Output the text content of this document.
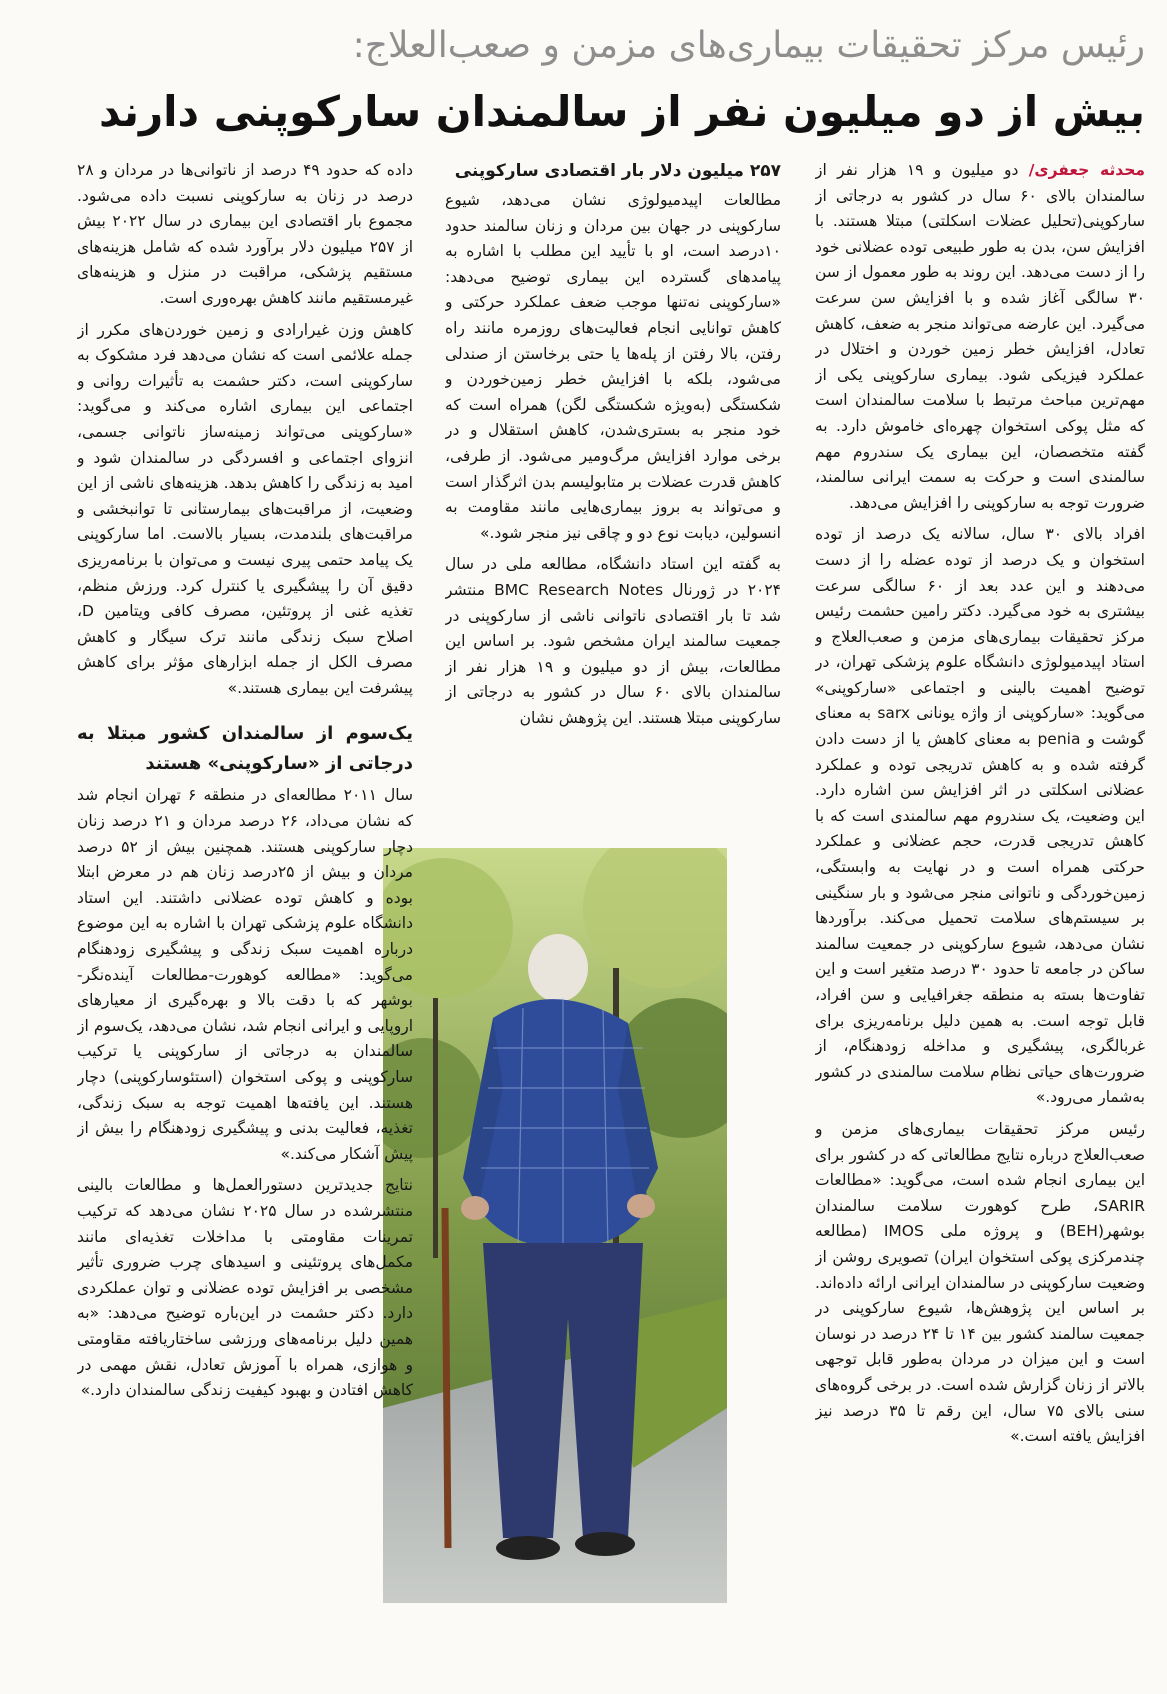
رئیس مرکز تحقیقات بیماری‌های مزمن و صعب‌العلاج:
بیش از دو میلیون نفر از سالمندان سارکوپنی دارند

محدثه جعفری/ دو میلیون و ۱۹ هزار نفر از سالمندان بالای ۶۰ سال در کشور به درجاتی از سارکوپنی(تحلیل عضلات اسکلتی) مبتلا هستند. با افزایش سن، بدن به طور طبیعی توده عضلانی خود را از دست می‌دهد. این روند به طور معمول از سن ۳۰ سالگی آغاز شده و با افزایش سن سرعت می‌گیرد. این عارضه می‌تواند منجر به ضعف، کاهش تعادل، افزایش خطر زمین خوردن و اختلال در عملکرد فیزیکی شود. بیماری سارکوپنی یکی از مهم‌ترین مباحث مرتبط با سلامت سالمندان است که مثل پوکی استخوان چهره‌ای خاموش دارد. به گفته متخصصان، این بیماری یک سندروم مهم سالمندی است و حرکت به سمت ایرانی سالمند، ضرورت توجه به سارکوپنی را افزایش می‌دهد.

افراد بالای ۳۰ سال، سالانه یک درصد از توده استخوان و یک درصد از توده عضله را از دست می‌دهند و این عدد بعد از ۶۰ سالگی سرعت بیشتری به خود می‌گیرد. دکتر رامین حشمت رئیس مرکز تحقیقات بیماری‌های مزمن و صعب‌العلاج و استاد اپیدمیولوژی دانشگاه علوم پزشکی تهران، در توضیح اهمیت بالینی و اجتماعی «سارکوپنی» می‌گوید: «سارکوپنی از واژه یونانی sarx به معنای گوشت و penia به معنای کاهش یا از دست دادن گرفته شده و به کاهش تدریجی توده و عملکرد عضلانی اسکلتی در اثر افزایش سن اشاره دارد. این وضعیت، یک سندروم مهم سالمندی است که با کاهش تدریجی قدرت، حجم عضلانی و عملکرد حرکتی همراه است و در نهایت به وابستگی، زمین‌خوردگی و ناتوانی منجر می‌شود و بار سنگینی بر سیستم‌های سلامت تحمیل می‌کند. برآوردها نشان می‌دهد، شیوع سارکوپنی در جمعیت سالمند ساکن در جامعه تا حدود ۳۰ درصد متغیر است و این تفاوت‌ها بسته به منطقه جغرافیایی و سن افراد، قابل توجه است. به همین دلیل برنامه‌ریزی برای غربالگری، پیشگیری و مداخله زودهنگام، از ضرورت‌های حیاتی نظام سلامت سالمندی در کشور به‌شمار می‌رود.»

رئیس مرکز تحقیقات بیماری‌های مزمن و صعب‌العلاج درباره نتایج مطالعاتی که در کشور برای این بیماری انجام شده است، می‌گوید: «مطالعات SARIR، طرح کوهورت سلامت سالمندان بوشهر(BEH) و پروژه ملی IMOS (مطالعه چندمرکزی پوکی استخوان ایران) تصویری روشن از وضعیت سارکوپنی در سالمندان ایرانی ارائه داده‌اند. بر اساس این پژوهش‌ها، شیوع سارکوپنی در جمعیت سالمند کشور بین ۱۴ تا ۲۴ درصد در نوسان است و این میزان در مردان به‌طور قابل توجهی بالاتر از زنان گزارش شده است. در برخی گروه‌های سنی بالای ۷۵ سال، این رقم تا ۳۵ درصد نیز افزایش یافته است.»

۲۵۷ میلیون دلار بار اقتصادی سارکوپنی

مطالعات اپیدمیولوژی نشان می‌دهد، شیوع سارکوپنی در جهان بین مردان و زنان سالمند حدود ۱۰درصد است، او با تأیید این مطلب با اشاره به پیامدهای گسترده این بیماری توضیح می‌دهد: «سارکوپنی نه‌تنها موجب ضعف عملکرد حرکتی و کاهش توانایی انجام فعالیت‌های روزمره مانند راه رفتن، بالا رفتن از پله‌ها یا حتی برخاستن از صندلی می‌شود، بلکه با افزایش خطر زمین‌خوردن و شکستگی (به‌ویژه شکستگی لگن) همراه است که خود منجر به بستری‌شدن، کاهش استقلال و در برخی موارد افزایش مرگ‌ومیر می‌شود. از طرفی، کاهش قدرت عضلات بر متابولیسم بدن اثرگذار است و می‌تواند به بروز بیماری‌هایی مانند مقاومت به انسولین، دیابت نوع دو و چاقی نیز منجر شود.»

به گفته این استاد دانشگاه، مطالعه ملی در سال ۲۰۲۴ در ژورنال BMC Research Notes منتشر شد تا بار اقتصادی ناتوانی ناشی از سارکوپنی در جمعیت سالمند ایران مشخص شود. بر اساس این مطالعات، بیش از دو میلیون و ۱۹ هزار نفر از سالمندان بالای ۶۰ سال در کشور به درجاتی از سارکوپنی مبتلا هستند. این پژوهش نشان

داده که حدود ۴۹ درصد از ناتوانی‌ها در مردان و ۲۸ درصد در زنان به سارکوپنی نسبت داده می‌شود. مجموع بار اقتصادی این بیماری در سال ۲۰۲۲ بیش از ۲۵۷ میلیون دلار برآورد شده که شامل هزینه‌های مستقیم پزشکی، مراقبت در منزل و هزینه‌های غیرمستقیم مانند کاهش بهره‌وری است.

کاهش وزن غیرارادی و زمین خوردن‌های مکرر از جمله علائمی است که نشان می‌دهد فرد مشکوک به سارکوپنی است، دکتر حشمت به تأثیرات روانی و اجتماعی این بیماری اشاره می‌کند و می‌گوید: «سارکوپنی می‌تواند زمینه‌ساز ناتوانی جسمی، انزوای اجتماعی و افسردگی در سالمندان شود و امید به زندگی را کاهش بدهد. هزینه‌های ناشی از این وضعیت، از مراقبت‌های بیمارستانی تا توانبخشی و مراقبت‌های بلندمدت، بسیار بالاست. اما سارکوپنی یک پیامد حتمی پیری نیست و می‌توان با برنامه‌ریزی دقیق آن را پیشگیری یا کنترل کرد. ورزش منظم، تغذیه غنی از پروتئین، مصرف کافی ویتامین D، اصلاح سبک زندگی مانند ترک سیگار و کاهش مصرف الکل از جمله ابزارهای مؤثر برای کاهش پیشرفت این بیماری هستند.»

یک‌سوم از سالمندان کشور مبتلا به درجاتی از «سارکوپنی» هستند

سال ۲۰۱۱ مطالعه‌ای در منطقه ۶ تهران انجام شد که نشان می‌داد، ۲۶ درصد مردان و ۲۱ درصد زنان دچار سارکوپنی هستند. همچنین بیش از ۵۲ درصد مردان و بیش از ۲۵درصد زنان هم در معرض ابتلا بوده و کاهش توده عضلانی داشتند. این استاد دانشگاه علوم پزشکی تهران با اشاره به این موضوع درباره اهمیت سبک زندگی و پیشگیری زودهنگام می‌گوید: «مطالعه کوهورت-مطالعات آینده‌نگر- بوشهر که با دقت بالا و بهره‌گیری از معیارهای اروپایی و ایرانی انجام شد، نشان می‌دهد، یک‌سوم از سالمندان به درجاتی از سارکوپنی یا ترکیب سارکوپنی و پوکی استخوان (استئوسارکوپنی) دچار هستند. این یافته‌ها اهمیت توجه به سبک زندگی، تغذیه، فعالیت بدنی و پیشگیری زودهنگام را بیش از پیش آشکار می‌کند.»

نتایج جدیدترین دستورالعمل‌ها و مطالعات بالینی منتشرشده در سال ۲۰۲۵ نشان می‌دهد که ترکیب تمرینات مقاومتی با مداخلات تغذیه‌ای مانند مکمل‌های پروتئینی و اسیدهای چرب ضروری تأثیر مشخصی بر افزایش توده عضلانی و توان عملکردی دارد. دکتر حشمت در این‌باره توضیح می‌دهد: «به همین دلیل برنامه‌های ورزشی ساختاریافته مقاومتی و هوازی، همراه با آموزش تعادل، نقش مهمی در کاهش افتادن و بهبود کیفیت زندگی سالمندان دارد.»
